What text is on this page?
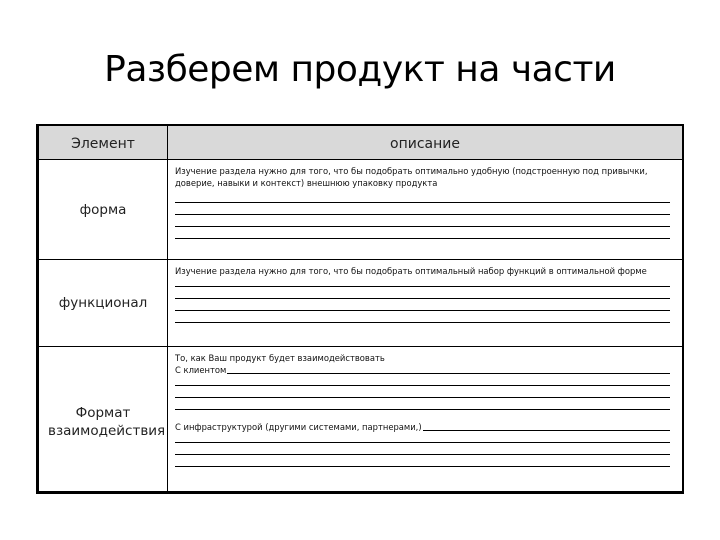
Разберем продукт на части
Элемент	описание
форма

Изучение раздела нужно для того, что бы подобрать оптимально удобную (подстроенную под привычки,

доверие, навыки и контекст) внешнюю упаковку продукта

функционал

Изучение раздела нужно для того, что бы подобрать оптимальный набор функций в оптимальной форме

Формат взаимодействия

То, как Ваш продукт будет взаимодействовать

С клиентом
С инфраструктурой (другими системами, партнерами,)
